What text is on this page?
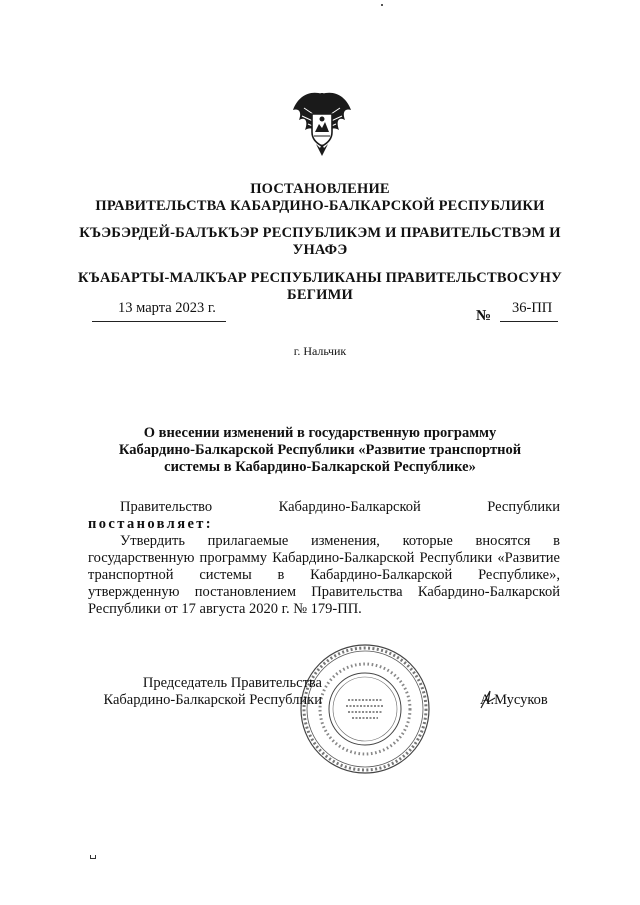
ПОСТАНОВЛЕНИЕ
ПРАВИТЕЛЬСТВА КАБАРДИНО-БАЛКАРСКОЙ РЕСПУБЛИКИ
КЪЭБЭРДЕЙ-БАЛЪКЪЭР РЕСПУБЛИКЭМ И ПРАВИТЕЛЬСТВЭМ И
УНАФЭ
КЪАБАРТЫ-МАЛКЪАР РЕСПУБЛИКАНЫ ПРАВИТЕЛЬСТВОСУНУ
БЕГИМИ
13 марта 2023 г.	№ 36-ПП
г. Нальчик
О внесении изменений в государственную программу
Кабардино-Балкарской Республики «Развитие транспортной
системы в Кабардино-Балкарской Республике»
Правительство Кабардино-Балкарской Республики
постановляет:
Утвердить прилагаемые изменения, которые вносятся в государственную программу Кабардино-Балкарской Республики «Развитие транспортной системы в Кабардино-Балкарской Республике», утвержденную постановлением Правительства Кабардино-Балкарской Республики от 17 августа 2020 г. № 179-ПП.
Председатель Правительства
Кабардино-Балкарской Республики	А.Мусуков
